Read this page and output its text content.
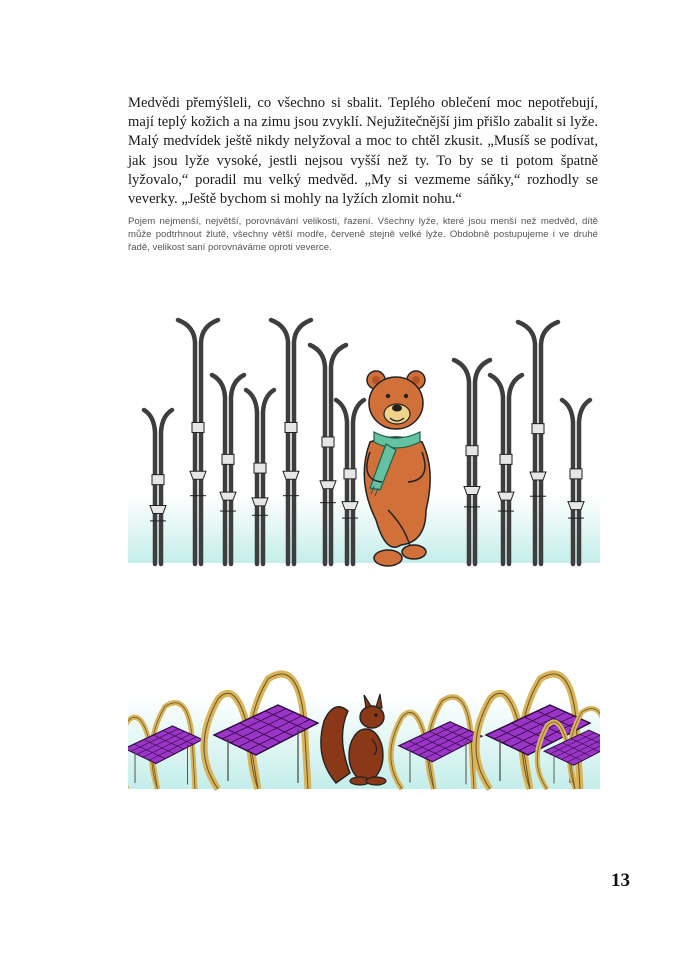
Medvědi přemýšleli, co všechno si sbalit. Teplého oblečení moc nepotřebují, mají teplý kožich a na zimu jsou zvyklí. Nejužitečnější jim přišlo zabalit si lyže. Malý medvídek ještě nikdy nelyžoval a moc to chtěl zkusit. „Musíš se podívat, jak jsou lyže vysoké, jestli nejsou vyšší než ty. To by se ti potom špatně lyžovalo,“ poradil mu velký medvěd. „My si vezmeme sáňky,“ rozhodly se veverky. „Ještě bychom si mohly na lyžích zlomit nohu.“

Pojem nejmenší, největší, porovnávání velikosti, řazení. Všechny lyže, které jsou menší než medvěd, dítě může podtrhnout žlutě, všechny větší modře, červeně stejně velké lyže. Obdobně postupujeme i ve druhé řadě, velikost saní porovnáváme oproti veverce.

13
